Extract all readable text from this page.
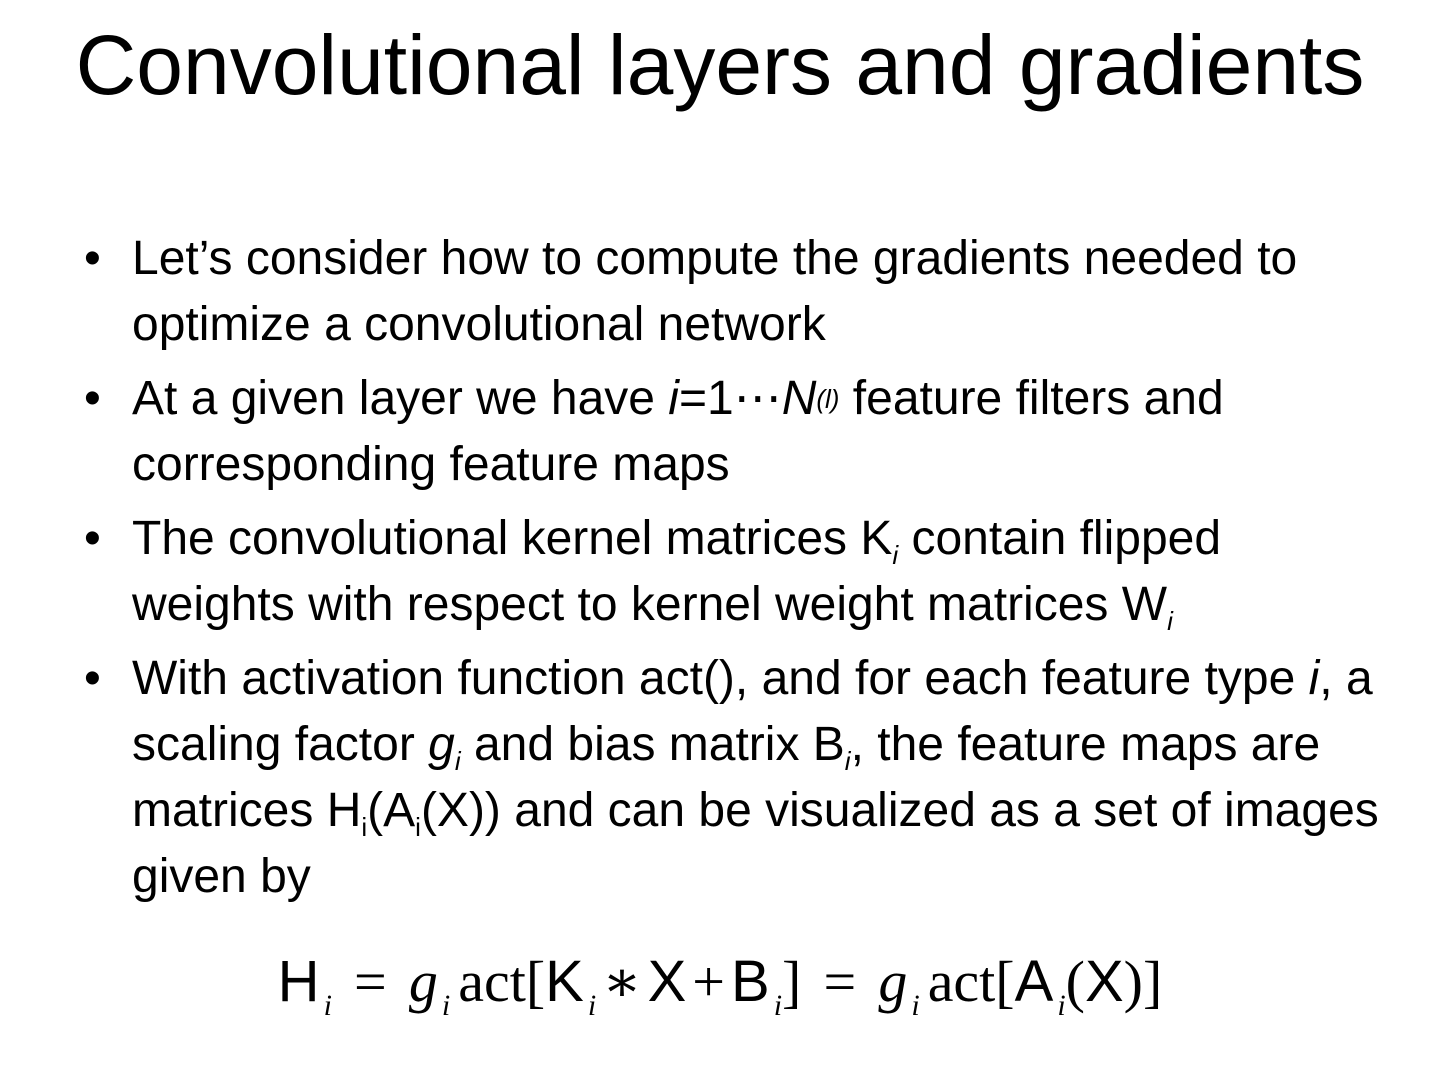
Convolutional layers and gradients
• Let’s consider how to compute the gradients needed to optimize a convolutional network
• At a given layer we have $i=1\cdots N^{(l)}$ feature filters and corresponding feature maps
• The convolutional kernel matrices $K_i$ contain flipped weights with respect to kernel weight matrices $W_i$
• With activation function act(), and for each feature type i, a scaling factor $g_i$ and bias matrix $B_i$, the feature maps are matrices $H_i(A_i(X))$ and can be visualized as a set of images given by
H $_i$ = g $_i$ act[K $_i$ ∗ X + B $_i$] = g $_i$ act[A $_i$(X)]
